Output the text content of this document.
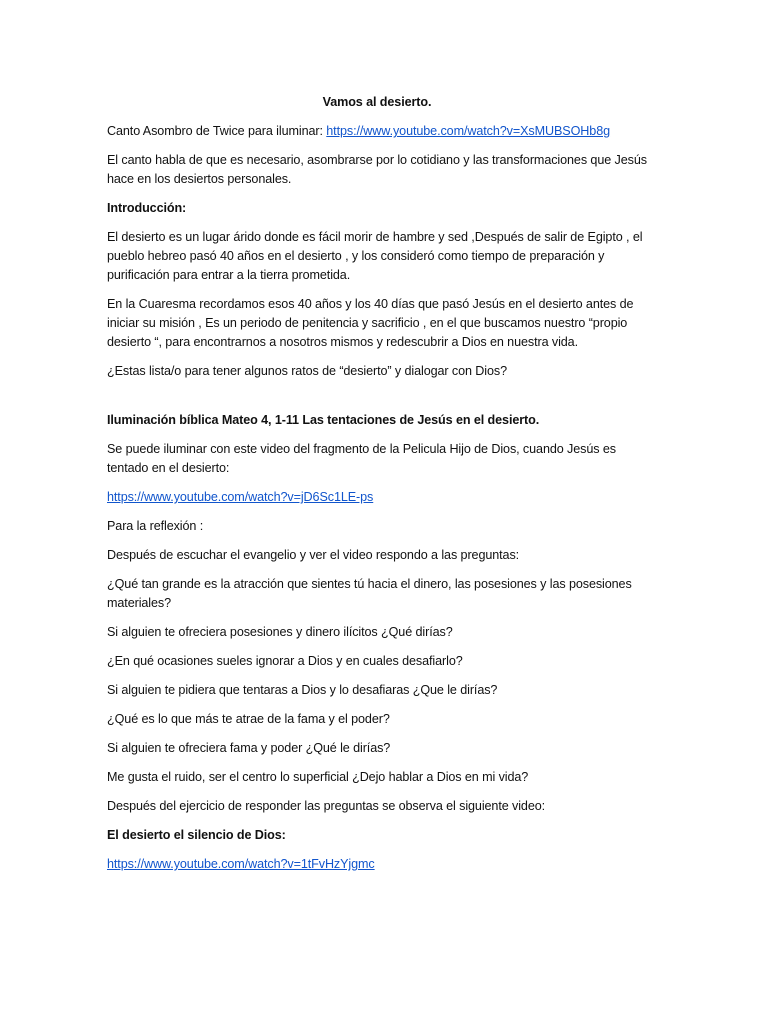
Vamos al desierto.

Canto Asombro de Twice para iluminar: https://www.youtube.com/watch?v=XsMUBSOHb8g

El canto habla de que es necesario, asombrarse por lo cotidiano y las transformaciones que Jesús hace en los desiertos personales.

Introducción:

El desierto es un lugar árido donde es fácil morir de hambre y sed ,Después de salir de Egipto , el pueblo hebreo pasó 40 años en el desierto , y los consideró como tiempo de preparación y purificación para entrar a la tierra prometida.

En la Cuaresma recordamos esos 40 años y los 40 días que pasó Jesús en el desierto antes de iniciar su misión , Es un periodo de penitencia y sacrificio , en el que buscamos nuestro “propio desierto “, para encontrarnos a nosotros mismos y redescubrir a Dios en nuestra vida.

¿Estas lista/o para tener algunos ratos de “desierto” y dialogar con Dios?

Iluminación bíblica Mateo 4, 1-11 Las tentaciones de Jesús en el desierto.

Se puede iluminar con este video del fragmento de la Pelicula Hijo de Dios, cuando Jesús es tentado en el desierto:

https://www.youtube.com/watch?v=jD6Sc1LE-ps

Para la reflexión :

Después de escuchar el evangelio y ver el video respondo a las preguntas:

¿Qué tan grande es la atracción que sientes tú hacia el dinero, las posesiones y las posesiones materiales?

Si alguien te ofreciera posesiones y dinero ilícitos ¿Qué dirías?

¿En qué ocasiones sueles ignorar a Dios y en cuales desafiarlo?

Si alguien te pidiera que tentaras a Dios y lo desafiaras ¿Que le dirías?

¿Qué es lo que más te atrae de la fama y el poder?

Si alguien te ofreciera fama y poder ¿Qué le dirías?

Me gusta el ruido, ser el centro lo superficial ¿Dejo hablar a Dios en mi vida?

Después del ejercicio de responder las preguntas se observa el siguiente video:

El desierto el silencio de Dios:

https://www.youtube.com/watch?v=1tFvHzYjgmc
